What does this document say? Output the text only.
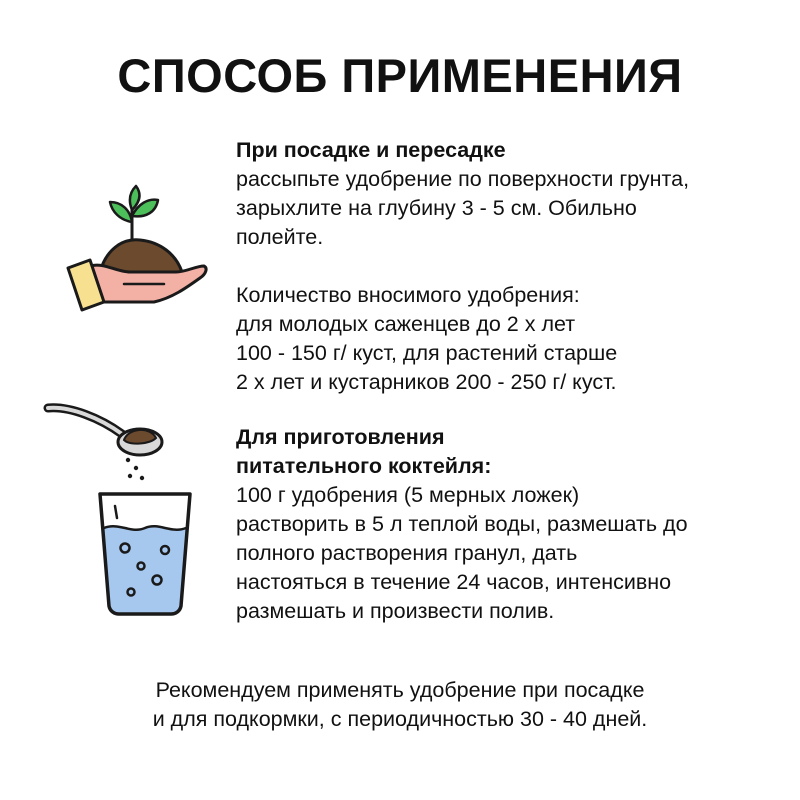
СПОСОБ ПРИМЕНЕНИЯ
При посадке и пересадке
рассыпьте удобрение по поверхности грунта,
зарыхлите на глубину 3 - 5 см. Обильно
полейте.
Количество вносимого удобрения:
для молодых саженцев до 2 х лет
100 - 150 г/ куст, для растений старше
2 х лет и кустарников 200 - 250 г/ куст.
Для приготовления
питательного коктейля:
100 г удобрения (5 мерных ложек)
растворить в 5 л теплой воды, размешать до
полного растворения гранул, дать
настояться в течение 24 часов, интенсивно
размешать и произвести полив.
Рекомендуем применять удобрение при посадке
и для подкормки, с периодичностью 30 - 40 дней.
